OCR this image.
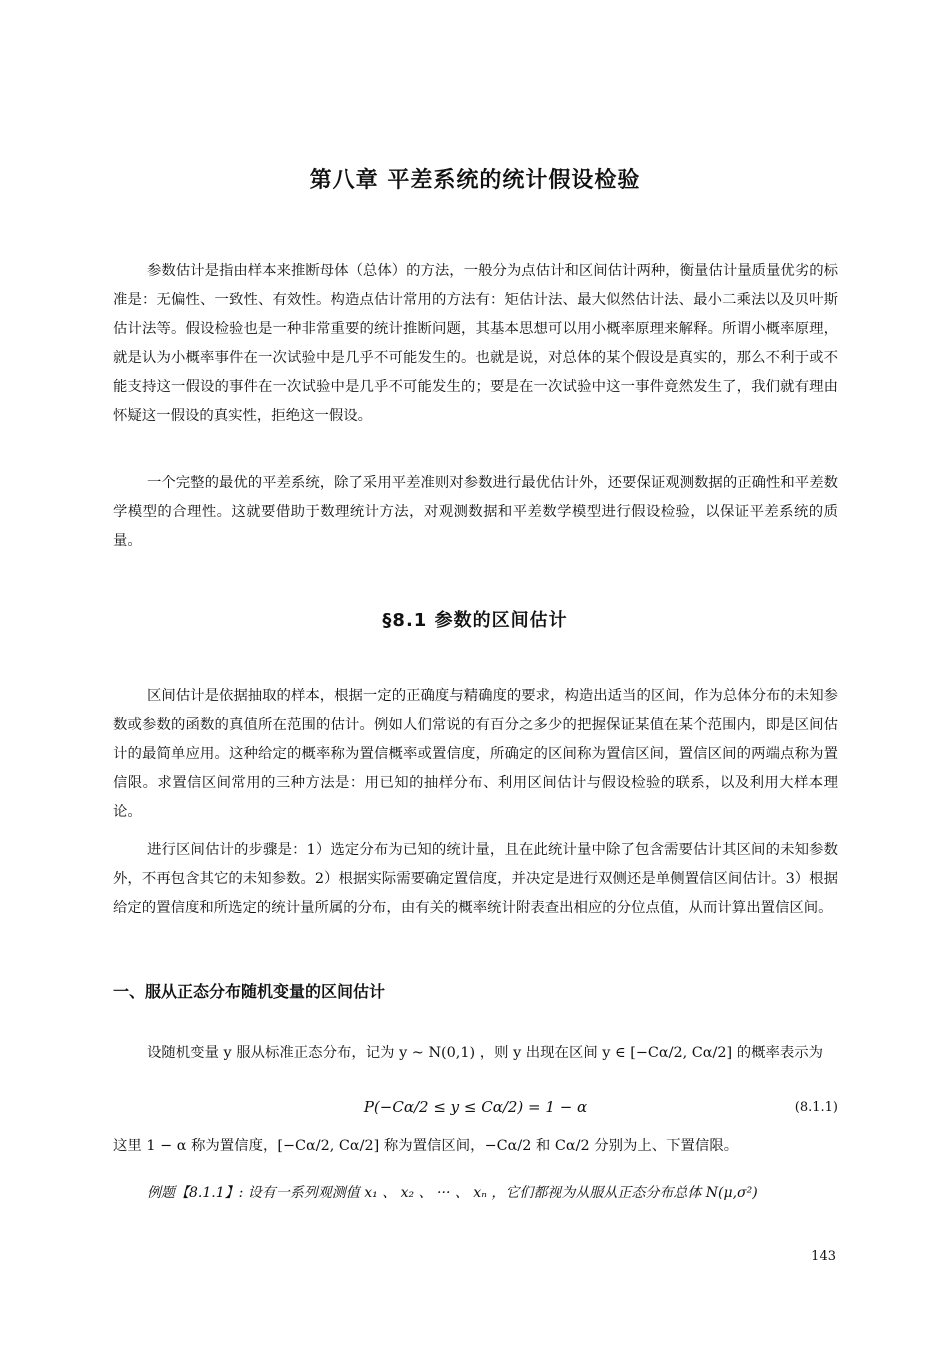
第八章 平差系统的统计假设检验

参数估计是指由样本来推断母体（总体）的方法，一般分为点估计和区间估计两种，衡量估计量质量优劣的标准是：无偏性、一致性、有效性。构造点估计常用的方法有：矩估计法、最大似然估计法、最小二乘法以及贝叶斯估计法等。假设检验也是一种非常重要的统计推断问题，其基本思想可以用小概率原理来解释。所谓小概率原理，就是认为小概率事件在一次试验中是几乎不可能发生的。也就是说，对总体的某个假设是真实的，那么不利于或不能支持这一假设的事件在一次试验中是几乎不可能发生的；要是在一次试验中这一事件竟然发生了，我们就有理由怀疑这一假设的真实性，拒绝这一假设。

一个完整的最优的平差系统，除了采用平差准则对参数进行最优估计外，还要保证观测数据的正确性和平差数学模型的合理性。这就要借助于数理统计方法，对观测数据和平差数学模型进行假设检验，以保证平差系统的质量。

§8.1 参数的区间估计

区间估计是依据抽取的样本，根据一定的正确度与精确度的要求，构造出适当的区间，作为总体分布的未知参数或参数的函数的真值所在范围的估计。例如人们常说的有百分之多少的把握保证某值在某个范围内，即是区间估计的最简单应用。这种给定的概率称为置信概率或置信度，所确定的区间称为置信区间，置信区间的两端点称为置信限。求置信区间常用的三种方法是：用已知的抽样分布、利用区间估计与假设检验的联系，以及利用大样本理论。

进行区间估计的步骤是：1）选定分布为已知的统计量，且在此统计量中除了包含需要估计其区间的未知参数外，不再包含其它的未知参数。2）根据实际需要确定置信度，并决定是进行双侧还是单侧置信区间估计。3）根据给定的置信度和所选定的统计量所属的分布，由有关的概率统计附表查出相应的分位点值，从而计算出置信区间。

一、服从正态分布随机变量的区间估计

设随机变量 y 服从标准正态分布，记为 y ~ N(0,1) ，则 y 出现在区间 y ∈ [−Cα/2, Cα/2] 的概率表示为

P(−Cα/2 ≤ y ≤ Cα/2) = 1 − α	(8.1.1)
这里 1 − α 称为置信度，[−Cα/2, Cα/2] 称为置信区间，−Cα/2 和 Cα/2 分别为上、下置信限。
例题【8.1.1】: 设有一系列观测值 x₁ 、 x₂ 、 ··· 、 xₙ ，它们都视为从服从正态分布总体 N(μ,σ²)
143
